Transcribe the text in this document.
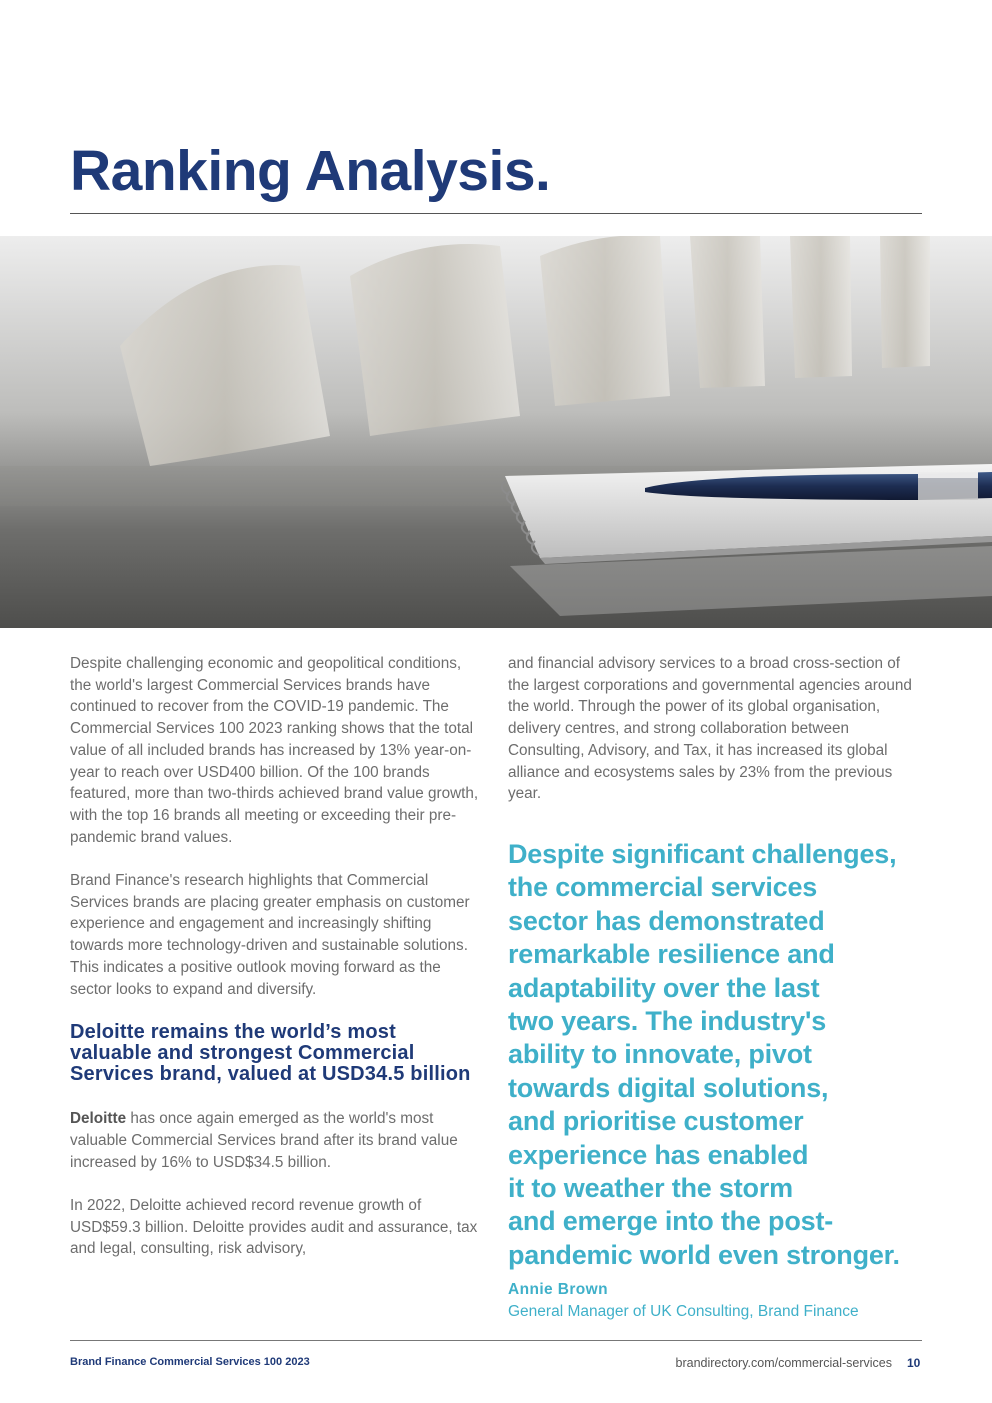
Ranking Analysis.

Despite challenging economic and geopolitical conditions, the world's largest Commercial Services brands have continued to recover from the COVID-19 pandemic. The Commercial Services 100 2023 ranking shows that the total value of all included brands has increased by 13% year-on-year to reach over USD400 billion. Of the 100 brands featured, more than two-thirds achieved brand value growth, with the top 16 brands all meeting or exceeding their pre-pandemic brand values.

Brand Finance's research highlights that Commercial Services brands are placing greater emphasis on customer experience and engagement and increasingly shifting towards more technology-driven and sustainable solutions. This indicates a positive outlook moving forward as the sector looks to expand and diversify.

Deloitte remains the world’s most valuable and strongest Commercial Services brand, valued at USD34.5 billion

Deloitte has once again emerged as the world's most valuable Commercial Services brand after its brand value increased by 16% to USD$34.5 billion.

In 2022, Deloitte achieved record revenue growth of USD$59.3 billion. Deloitte provides audit and assurance, tax and legal, consulting, risk advisory,

and financial advisory services to a broad cross-section of the largest corporations and governmental agencies around the world. Through the power of its global organisation, delivery centres, and strong collaboration between Consulting, Advisory, and Tax, it has increased its global alliance and ecosystems sales by 23% from the previous year.

Despite significant challenges,
the commercial services
sector has demonstrated
remarkable resilience and
adaptability over the last
two years. The industry's
ability to innovate, pivot
towards digital solutions,
and prioritise customer
experience has enabled
it to weather the storm
and emerge into the post-
pandemic world even stronger.
Annie Brown
General Manager of UK Consulting, Brand Finance
Brand Finance Commercial Services 100 2023	brandirectory.com/commercial-services 10
